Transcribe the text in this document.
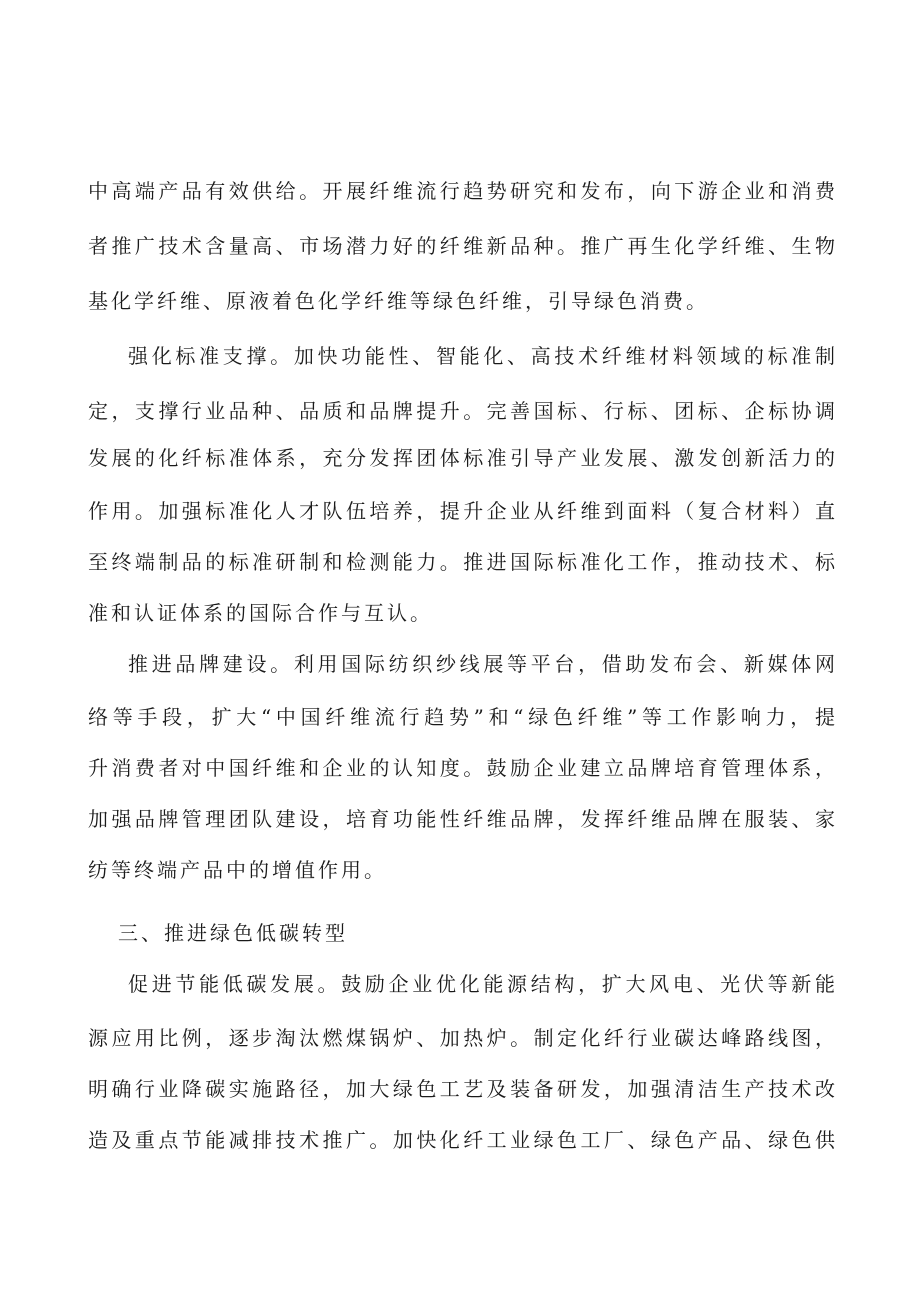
中高端产品有效供给。开展纤维流行趋势研究和发布，向下游企业和消费
者推广技术含量高、市场潜力好的纤维新品种。推广再生化学纤维、生物
基化学纤维、原液着色化学纤维等绿色纤维，引导绿色消费。
强化标准支撑。加快功能性、智能化、高技术纤维材料领域的标准制
定，支撑行业品种、品质和品牌提升。完善国标、行标、团标、企标协调
发展的化纤标准体系，充分发挥团体标准引导产业发展、激发创新活力的
作用。加强标准化人才队伍培养，提升企业从纤维到面料（复合材料）直
至终端制品的标准研制和检测能力。推进国际标准化工作，推动技术、标
准和认证体系的国际合作与互认。
推进品牌建设。利用国际纺织纱线展等平台，借助发布会、新媒体网
络等手段，扩大“中国纤维流行趋势”和“绿色纤维”等工作影响力，提
升消费者对中国纤维和企业的认知度。鼓励企业建立品牌培育管理体系，
加强品牌管理团队建设，培育功能性纤维品牌，发挥纤维品牌在服装、家
纺等终端产品中的增值作用。
三、推进绿色低碳转型
促进节能低碳发展。鼓励企业优化能源结构，扩大风电、光伏等新能
源应用比例，逐步淘汰燃煤锅炉、加热炉。制定化纤行业碳达峰路线图，
明确行业降碳实施路径，加大绿色工艺及装备研发，加强清洁生产技术改
造及重点节能减排技术推广。加快化纤工业绿色工厂、绿色产品、绿色供
